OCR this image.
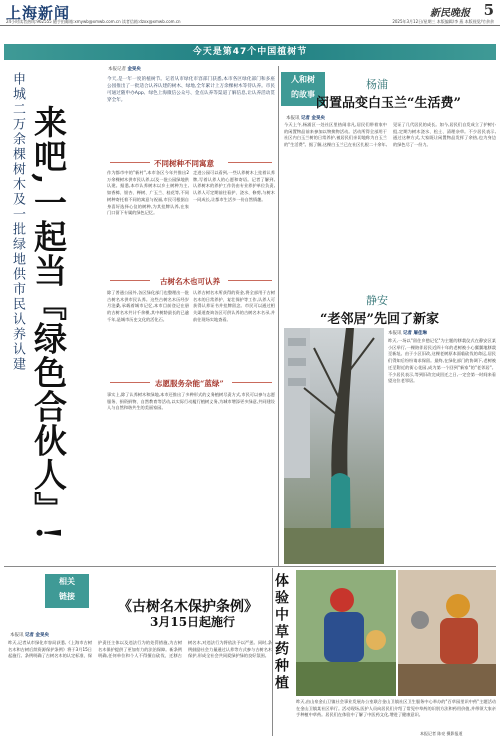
上海新闻
24小时读者热线:962555 随手拍邮箱:xmywb@xmwb.com.cn 读者信箱:dzxx@xmwb.com.cn
新民晚报 5
2025年3月12日/星期三 本版编辑/李 燕 本版视觉/竹余余
今天是第47个中国植树节
申城二万余棵树木及一批绿地供市民认养认建 来吧,一起当『绿色合伙人』!
本报记者 金旻矣
今天,是一年一度的植树节。记者从市绿化市容部门获悉,本市各区绿化部门和多座公园推出了一批适合认养认建的树木、绿地,全年累计上万余棵树木等待认养。市民可通过随申办App、绿色上海微信公众号、金点认养等渠道了解信息,让认养活动贯穿全年。
不同树种不同寓意
作为都市中的"新村",本市各区今年共推出2万余棵树木供市民认养,以及一批公园绿地供认建。据悉,本市认养树木以乡土树种为主,如香樟、银杏、榉树、广玉兰、桂花等,不同树种寄托着不同的寓意与祝福,市民可根据自身喜好选择心仪的树种,为其挂牌认养,在家门口留下专属的绿色记忆。
走进公园可以看到,一些认养树木上挂着认养牌,写着认养人的心愿和寄语。记者了解到,认养树木的养护工作仍由专业养护单位负责,认养人可定期前往看护、浇水、修剪,与树木一同成长,让都市生活多一份自然情趣。
古树名木也可认养
除了普通公园外,各区绿化部门也整理出一批古树名木供市民认养。这些古树名木历经岁月沧桑,承载着城市记忆,本市目前登记在册的古树名木共计千余棵,其中树龄最长的已逾千年,是城市历史文化的活化石。
认养古树名木所获得的资金,将全部用于古树名木的日常养护、复壮保护等工作,认养人可获得认养证书并挂牌留念。市民可以通过相关渠道查询各区可供认养的古树名木名录,并前往现场实地查看。
志愿服务杂能“蓝绿”
事实上,除了认养树木和绿地,本市还推出了多种形式的义务植树尽责方式,市民可以参与志愿服务、捐资捐物、自然教育等活动,以实际行动履行植树义务,为城市增添更多绿意,共同建设人与自然和谐共生的美丽家园。
人和树
的故事
杨浦
闵置品变白玉兰“生活费”
本报讯 记者 金旻矣
今天上午,杨浦区一处社区里热闹非凡,居民们带着家中的闲置物品前来参加以物换物活动。活动所得全部用于社区内白玉兰树的日常养护,被居民们亲切地称为白玉兰的"生活费"。据了解,这棵白玉兰已在社区扎根二十余年,见证了几代居民的成长。如今,居民们自发成立了护树小组,定期为树木浇水、松土、清理杂草。不少居民表示,通过这种方式,大家既让闲置物品发挥了余热,也为身边的绿色尽了一份力。
静安
“老邻居”先回了新家
本报讯 记者 屠佳琳
昨天,一场以"留住乡愁记忆"为主题的移栽仪式在静安区某小区举行,一棵陪伴居民近四十年的老树被小心翼翼地移栽至新址。由于小区旧改,这棵老树原本面临砍伐的命运,居民们得知后纷纷请求保留。最终,在绿化部门的协调下,老树被迁至附近的街心花园,成为第一个回到"新家"的"老邻居"。不少居民表示,等到旧改完成回迁之日,一定会第一时间来看望这位老邻居。
相关
链接
《古树名木保护条例》
3月15日起施行
本报讯 记者 金旻矣
昨天,记者从市绿化市容局获悉,《上海市古树名木和古树后续资源保护条例》将于3月15日起施行。条例明确了古树名木的认定标准、保护责任主体以及违法行为的处罚措施,为古树名木保护提供了更加有力的法治保障。新条例明确,任何单位和个人不得擅自砍伐、迁移古树名木,对违法行为将依法予以严惩。同时,条例鼓励社会力量通过认养等方式参与古树名木保护,形成全社会共同爱绿护绿的良好氛围。 体验中草药种植
昨天,由山泉金山卫镇社会事业发展办公室联合金山卫镇社区卫生服务中心举办的"百草园里识中药"主题活动在金山卫镇某社区举行。活动现场,医护人员向居民们介绍了常见中草药的识别方法和药用价值,并带领大家亲手种植中草药。居民们在体验中了解了中医药文化,增进了健康意识。
本报记者 陈亮 摄影报道
